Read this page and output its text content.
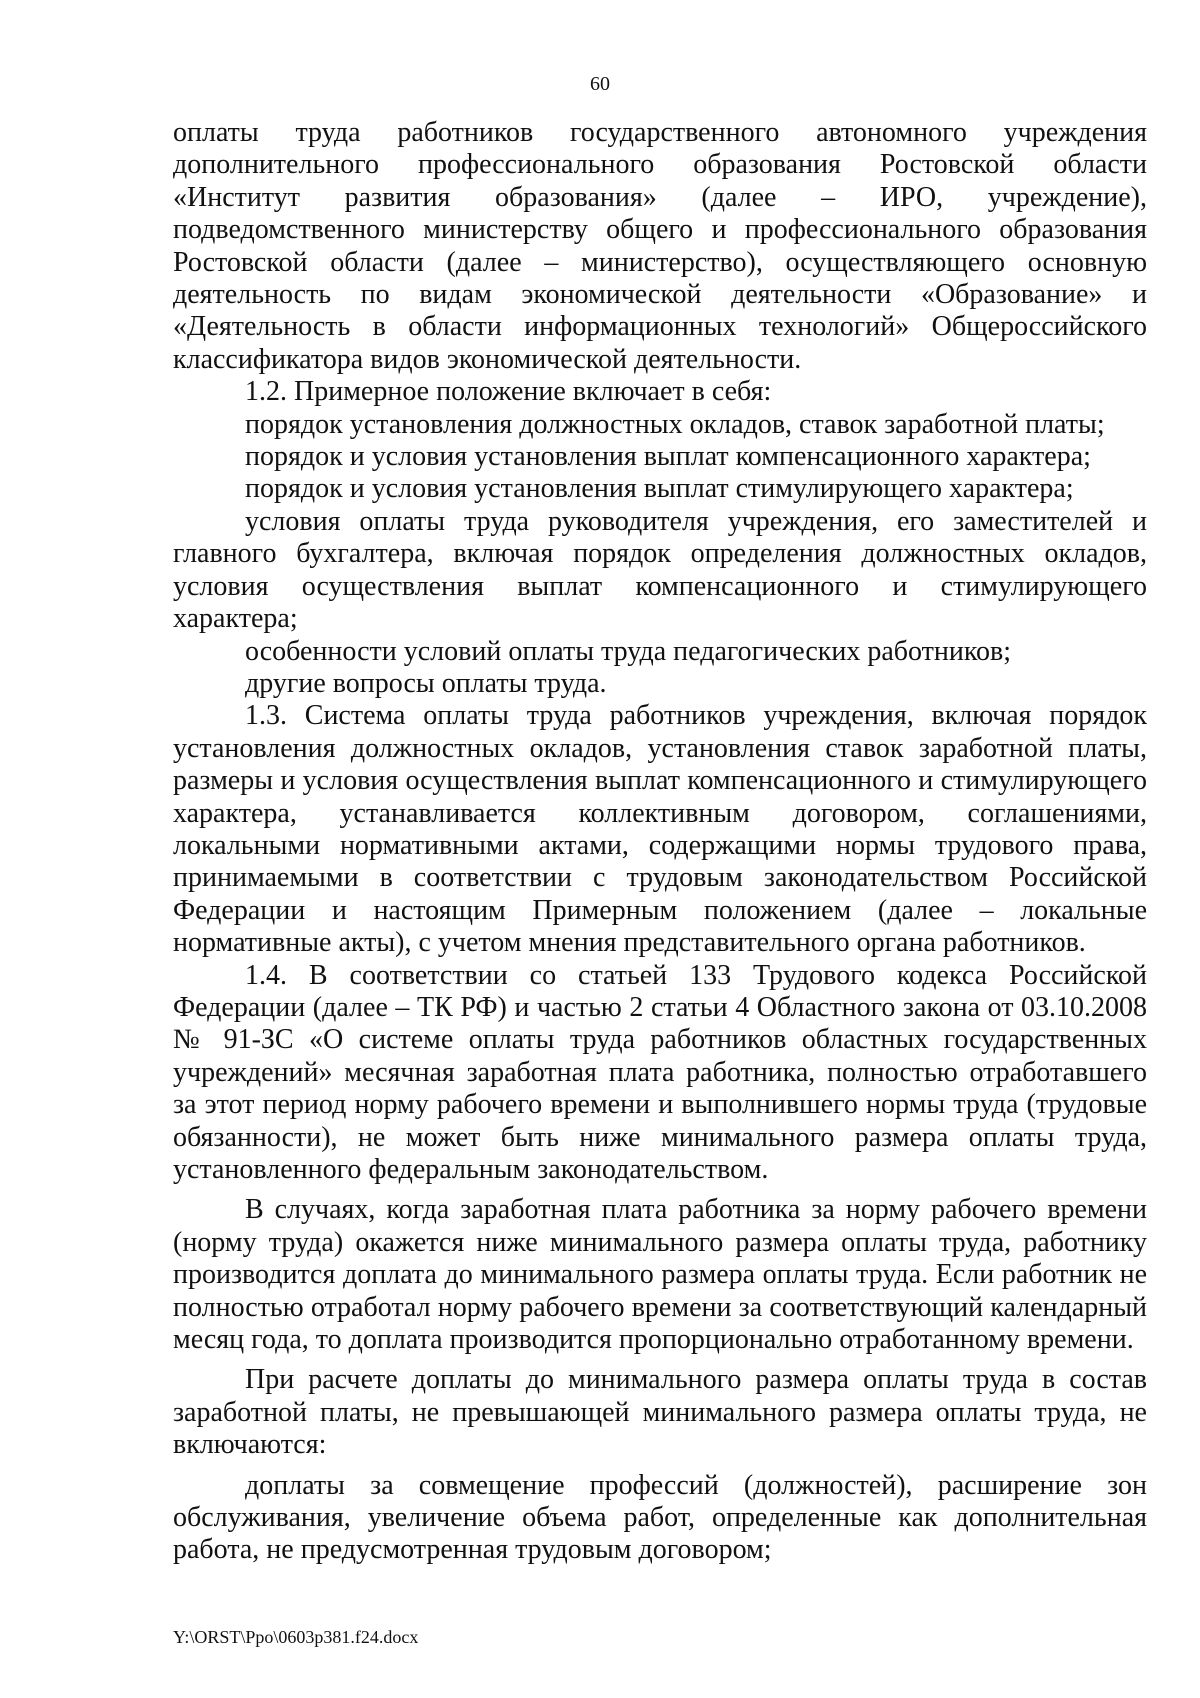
60

оплаты труда работников государственного автономного учреждения дополнительного профессионального образования Ростовской области «Институт развития образования» (далее – ИРО, учреждение), подведомственного министерству общего и профессионального образования Ростовской области (далее – министерство), осуществляющего основную деятельность по видам экономической деятельности «Образование» и «Деятельность в области информационных технологий» Общероссийского классификатора видов экономической деятельности.

1.2. Примерное положение включает в себя:

порядок установления должностных окладов, ставок заработной платы;

порядок и условия установления выплат компенсационного характера;

порядок и условия установления выплат стимулирующего характера;

условия оплаты труда руководителя учреждения, его заместителей и главного бухгалтера, включая порядок определения должностных окладов, условия осуществления выплат компенсационного и стимулирующего характера;

особенности условий оплаты труда педагогических работников;

другие вопросы оплаты труда.

1.3. Система оплаты труда работников учреждения, включая порядок установления должностных окладов, установления ставок заработной платы, размеры и условия осуществления выплат компенсационного и стимулирующего характера, устанавливается коллективным договором, соглашениями, локальными нормативными актами, содержащими нормы трудового права, принимаемыми в соответствии с трудовым законодательством Российской Федерации и настоящим Примерным положением (далее – локальные нормативные акты), с учетом мнения представительного органа работников.

1.4. В соответствии со статьей 133 Трудового кодекса Российской Федерации (далее – ТК РФ) и частью 2 статьи 4 Областного закона от 03.10.2008 № 91-ЗС «О системе оплаты труда работников областных государственных учреждений» месячная заработная плата работника, полностью отработавшего за этот период норму рабочего времени и выполнившего нормы труда (трудовые обязанности), не может быть ниже минимального размера оплаты труда, установленного федеральным законодательством.

В случаях, когда заработная плата работника за норму рабочего времени (норму труда) окажется ниже минимального размера оплаты труда, работнику производится доплата до минимального размера оплаты труда. Если работник не полностью отработал норму рабочего времени за соответствующий календарный месяц года, то доплата производится пропорционально отработанному времени.

При расчете доплаты до минимального размера оплаты труда в состав заработной платы, не превышающей минимального размера оплаты труда, не включаются:

доплаты за совмещение профессий (должностей), расширение зон обслуживания, увеличение объема работ, определенные как дополнительная работа, не предусмотренная трудовым договором;

Y:\ORST\Ppo\0603p381.f24.docx
